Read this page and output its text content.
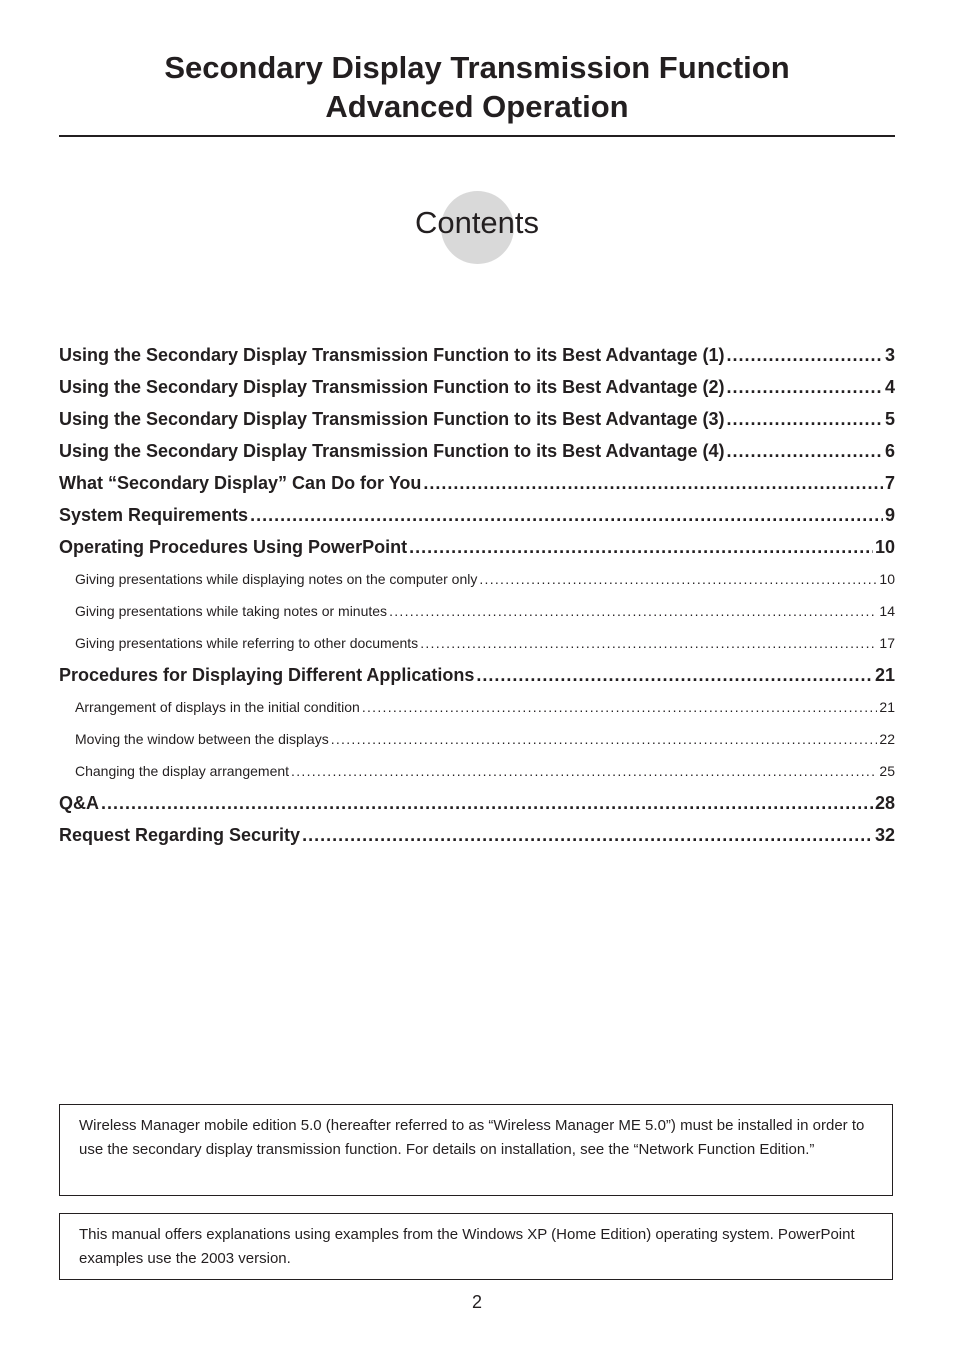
Secondary Display Transmission Function
Advanced Operation
Contents
Using the Secondary Display Transmission Function to its Best Advantage (1) . . .	3
Using the Secondary Display Transmission Function to its Best Advantage (2) . . .	4
Using the Secondary Display Transmission Function to its Best Advantage (3) . . .	5
Using the Secondary Display Transmission Function to its Best Advantage (4) . . .	6
What “Secondary Display” Can Do for You . . .	7
System Requirements . . .	9
Operating Procedures Using PowerPoint . . .	10
Giving presentations while displaying notes on the computer only . . .	10
Giving presentations while taking notes or minutes . . .	14
Giving presentations while referring to other documents . . .	17
Procedures for Displaying Different Applications . . .	21
Arrangement of displays in the initial condition . . .	21
Moving the window between the displays . . .	22
Changing the display arrangement . . .	25
Q&A . . .	28
Request Regarding Security . . .	32
Wireless Manager mobile edition 5.0 (hereafter referred to as “Wireless Manager ME 5.0”) must be installed in order to use the secondary display transmission function. For details on installation, see the “Network Function Edition.”
This manual offers explanations using examples from the Windows XP (Home Edition) operating system. PowerPoint examples use the 2003 version.
2
